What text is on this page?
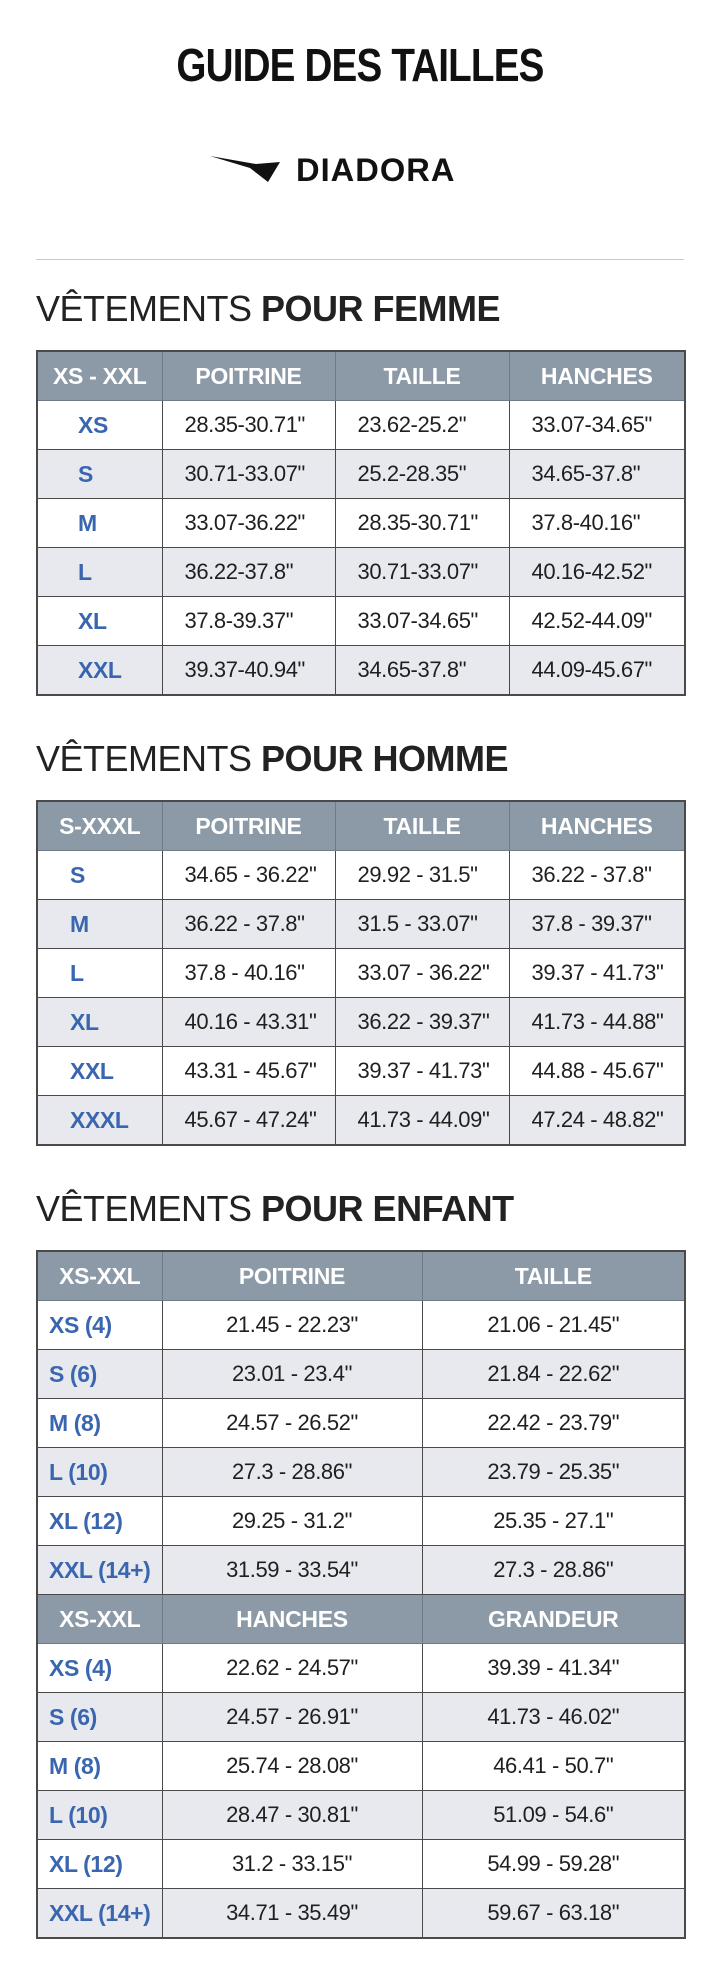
GUIDE DES TAILLES
DIADORA
VÊTEMENTS POUR FEMME
XS - XXL	POITRINE	TAILLE	HANCHES
XS	28.35-30.71"	23.62-25.2"	33.07-34.65"
S	30.71-33.07"	25.2-28.35"	34.65-37.8"
M	33.07-36.22"	28.35-30.71"	37.8-40.16"
L	36.22-37.8"	30.71-33.07"	40.16-42.52"
XL	37.8-39.37"	33.07-34.65"	42.52-44.09"
XXL	39.37-40.94"	34.65-37.8"	44.09-45.67"
VÊTEMENTS POUR HOMME
S-XXXL	POITRINE	TAILLE	HANCHES
S	34.65 - 36.22"	29.92 - 31.5"	36.22 - 37.8"
M	36.22 - 37.8"	31.5 - 33.07"	37.8 - 39.37"
L	37.8 - 40.16"	33.07 - 36.22"	39.37 - 41.73"
XL	40.16 - 43.31"	36.22 - 39.37"	41.73 - 44.88"
XXL	43.31 - 45.67"	39.37 - 41.73"	44.88 - 45.67"
XXXL	45.67 - 47.24"	41.73 - 44.09"	47.24 - 48.82"
VÊTEMENTS POUR ENFANT
XS-XXL	POITRINE	TAILLE
XS (4)	21.45 - 22.23"	21.06 - 21.45"
S (6)	23.01 - 23.4"	21.84 - 22.62"
M (8)	24.57 - 26.52"	22.42 - 23.79"
L (10)	27.3 - 28.86"	23.79 - 25.35"
XL (12)	29.25 - 31.2"	25.35 - 27.1"
XXL (14+)	31.59 - 33.54"	27.3 - 28.86"
XS-XXL	HANCHES	GRANDEUR
XS (4)	22.62 - 24.57"	39.39 - 41.34"
S (6)	24.57 - 26.91"	41.73 - 46.02"
M (8)	25.74 - 28.08"	46.41 - 50.7"
L (10)	28.47 - 30.81"	51.09 - 54.6"
XL (12)	31.2 - 33.15"	54.99 - 59.28"
XXL (14+)	34.71 - 35.49"	59.67 - 63.18"
